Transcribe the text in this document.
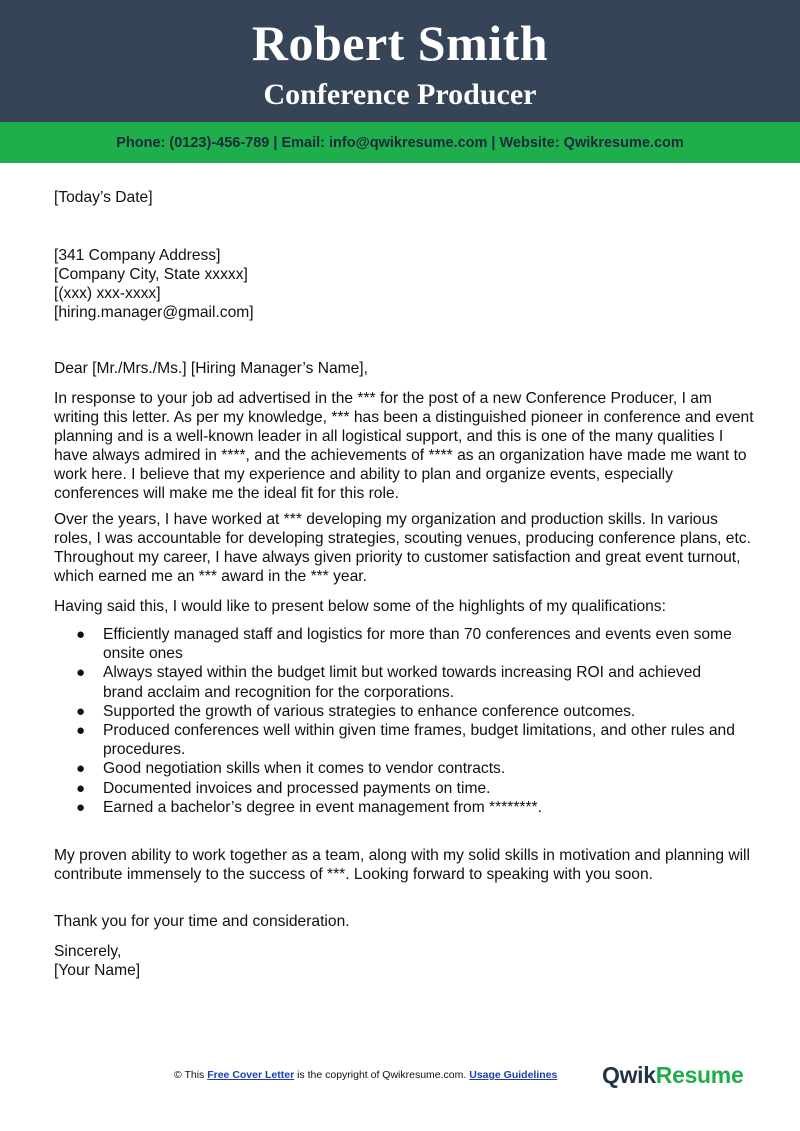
Robert Smith
Conference Producer
Phone: (0123)-456-789 | Email: info@qwikresume.com | Website: Qwikresume.com
[Today’s Date]
[341 Company Address]
[Company City, State xxxxx]
[(xxx) xxx-xxxx]
[hiring.manager@gmail.com]
Dear [Mr./Mrs./Ms.] [Hiring Manager’s Name],

In response to your job ad advertised in the *** for the post of a new Conference Producer, I am writing this letter. As per my knowledge, *** has been a distinguished pioneer in conference and event planning and is a well-known leader in all logistical support, and this is one of the many qualities I have always admired in ****, and the achievements of **** as an organization have made me want to work here. I believe that my experience and ability to plan and organize events, especially conferences will make me the ideal fit for this role.

Over the years, I have worked at *** developing my organization and production skills. In various roles, I was accountable for developing strategies, scouting venues, producing conference plans, etc. Throughout my career, I have always given priority to customer satisfaction and great event turnout, which earned me an *** award in the *** year.

Having said this, I would like to present below some of the highlights of my qualifications:

● Efficiently managed staff and logistics for more than 70 conferences and events even some onsite ones
● Always stayed within the budget limit but worked towards increasing ROI and achieved brand acclaim and recognition for the corporations.
● Supported the growth of various strategies to enhance conference outcomes.
● Produced conferences well within given time frames, budget limitations, and other rules and procedures.
● Good negotiation skills when it comes to vendor contracts.
● Documented invoices and processed payments on time.
● Earned a bachelor’s degree in event management from ********.

My proven ability to work together as a team, along with my solid skills in motivation and planning will contribute immensely to the success of ***. Looking forward to speaking with you soon.

Thank you for your time and consideration.

Sincerely,
[Your Name]
© This Free Cover Letter is the copyright of Qwikresume.com. Usage Guidelines QwikResume
